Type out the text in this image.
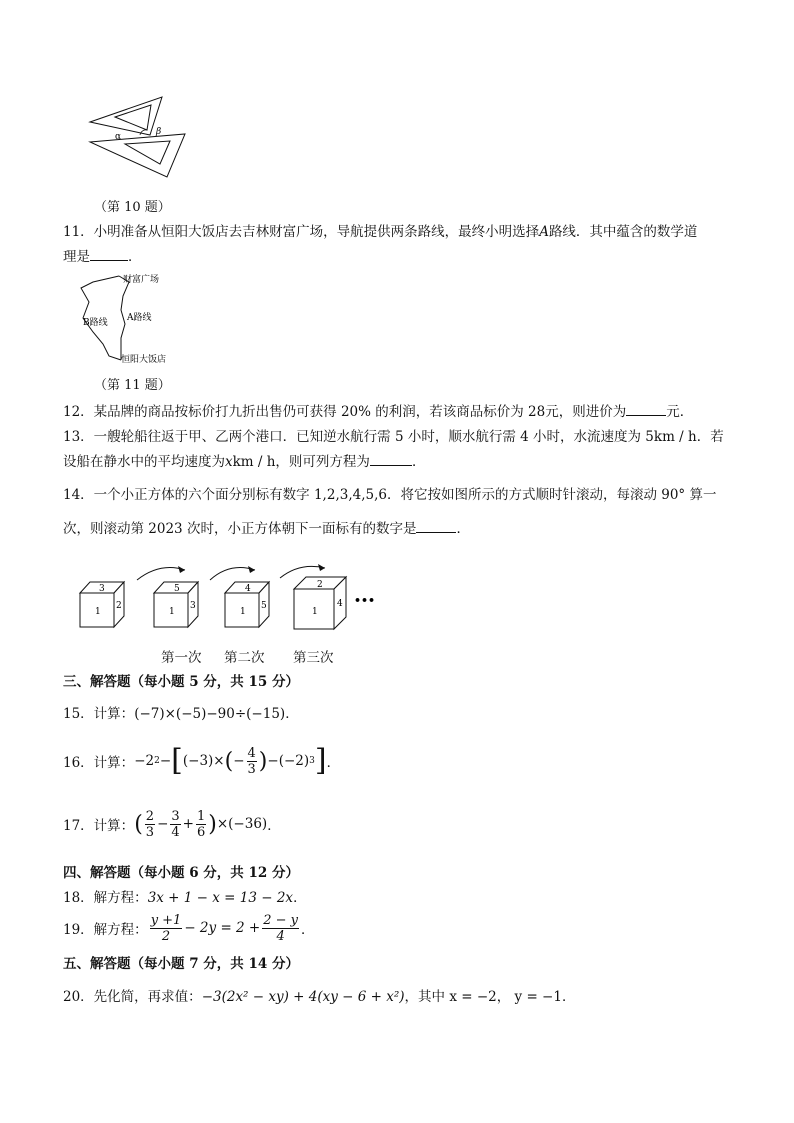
α	β
（第 10 题）
11．小明准备从恒阳大饭店去吉林财富广场，导航提供两条路线，最终小明选择A路线．其中蕴含的数学道
理是	．
财富广场
A路线
B路线
恒阳大饭店
（第 11 题）
12．某品牌的商品按标价打九折出售仍可获得 20% 的利润，若该商品标价为 28元，则进价为	元．
13．一艘轮船往返于甲、乙两个港口．已知逆水航行需 5 小时，顺水航行需 4 小时，水流速度为 5km / h．若
设船在静水中的平均速度为xkm / h，则可列方程为	．
14．一个小正方体的六个面分别标有数字 1,2,3,4,5,6．将它按如图所示的方式顺时针滚动，每滚动 90° 算一
次，则滚动第 2023 次时，小正方体朝下一面标有的数字是	．
3
1
2
5
1
3
4
1
5
2
1
4 •••
第一次 第二次 第三次
三、解答题（每小题 5 分，共 15 分）
15．计算：(−7)×(−5)−90÷(−15)．
16．计算： −2 2 − [ (−3)× ( − $\frac{4}{3}$ ) −(−2) 3 ] ．
17．计算： ( $\frac{2}{3} - \frac{3}{4} + \frac{1}{6}$ ) ×(−36) ．
四、解答题（每小题 6 分，共 12 分）
18．解方程：3x + 1 − x = 13 − 2x．
19．解方程： $\frac{y +1}{2} - 2y = 2 + \frac{2 - y}{4}$ ．
五、解答题（每小题 7 分，共 14 分）
20．先化简，再求值：−3(2x² − xy) + 4(xy − 6 + x²)，其中 x = −2， y = −1．
